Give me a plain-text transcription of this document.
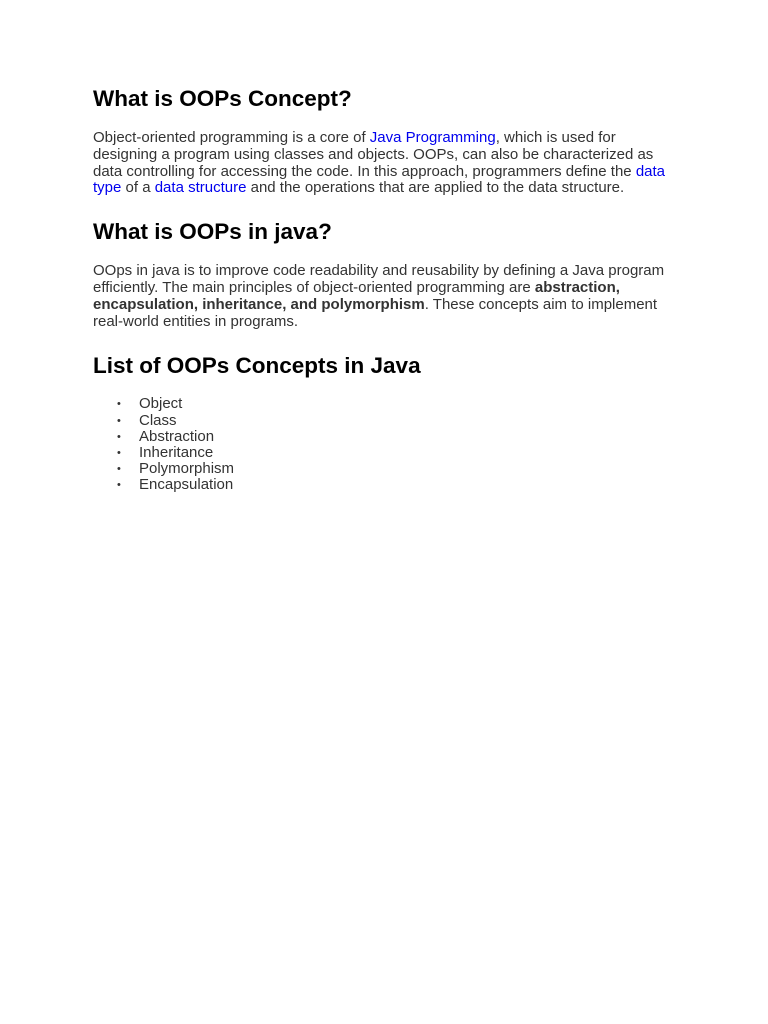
What is OOPs Concept?

Object-oriented programming is a core of Java Programming, which is used for designing a program using classes and objects. OOPs, can also be characterized as data controlling for accessing the code. In this approach, programmers define the data type of a data structure and the operations that are applied to the data structure.

What is OOPs in java?

OOps in java is to improve code readability and reusability by defining a Java program efficiently. The main principles of object-oriented programming are abstraction, encapsulation, inheritance, and polymorphism. These concepts aim to implement real-world entities in programs.

List of OOPs Concepts in Java
• Object
• Class
• Abstraction
• Inheritance
• Polymorphism
• Encapsulation
